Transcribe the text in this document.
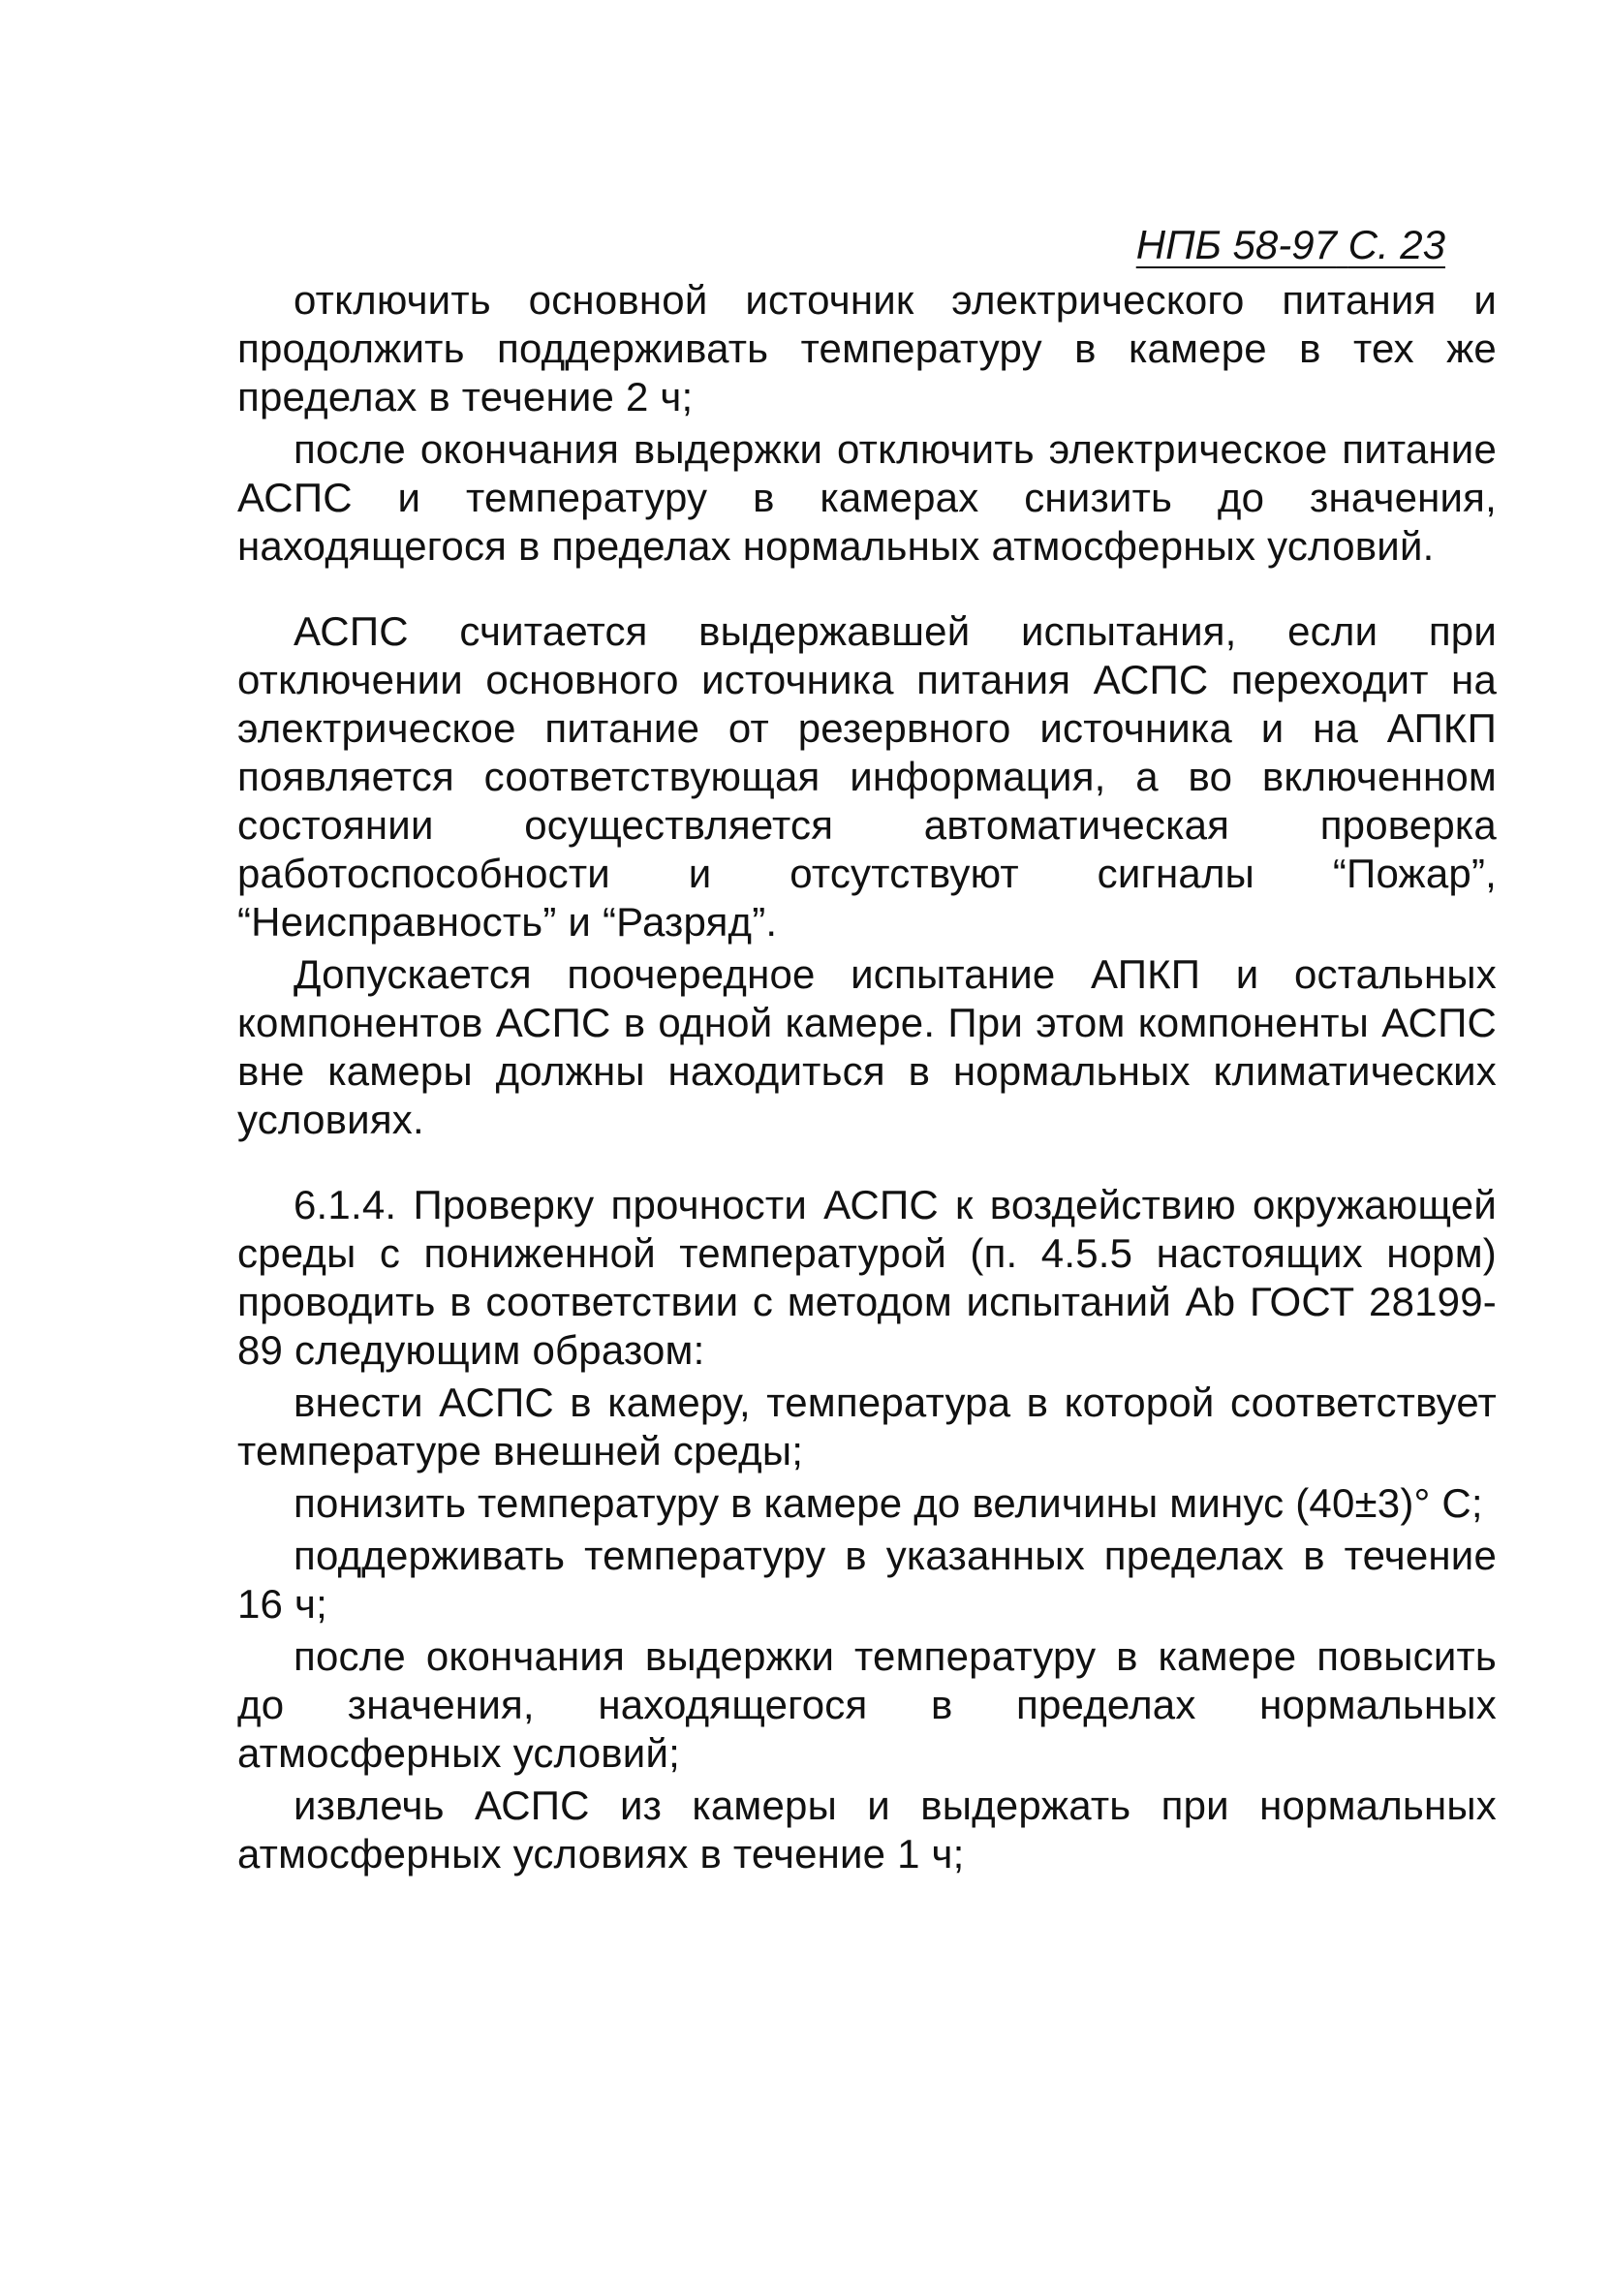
НПБ 58-97 С. 23

отключить основной источник электрического питания и продолжить поддерживать температуру в камере в тех же пределах в течение 2 ч;

после окончания выдержки отключить электрическое питание АСПС и температуру в камерах снизить до значения, находящегося в пределах нормальных атмосферных условий.

АСПС считается выдержавшей испытания, если при отключении основного источника питания АСПС переходит на электрическое питание от резервного источника и на АПКП появляется соответствующая информация, а во включенном состоянии осуществляется автоматическая проверка работоспособности и отсутствуют сигналы “Пожар”, “Неисправность” и “Разряд”.

Допускается поочередное испытание АПКП и остальных компонентов АСПС в одной камере. При этом компоненты АСПС вне камеры должны находиться в нормальных климатических условиях.

6.1.4. Проверку прочности АСПС к воздействию окружающей среды с пониженной температурой (п. 4.5.5 настоящих норм) проводить в соответствии с методом испытаний Аb ГОСТ 28199-89 следующим образом:

внести АСПС в камеру, температура в которой соответствует температуре внешней среды;

понизить температуру в камере до величины минус (40±3)° С;

поддерживать температуру в указанных пределах в течение 16 ч;

после окончания выдержки температуру в камере повысить до значения, находящегося в пределах нормальных атмосферных условий;

извлечь АСПС из камеры и выдержать при нормальных атмосферных условиях в течение 1 ч;
